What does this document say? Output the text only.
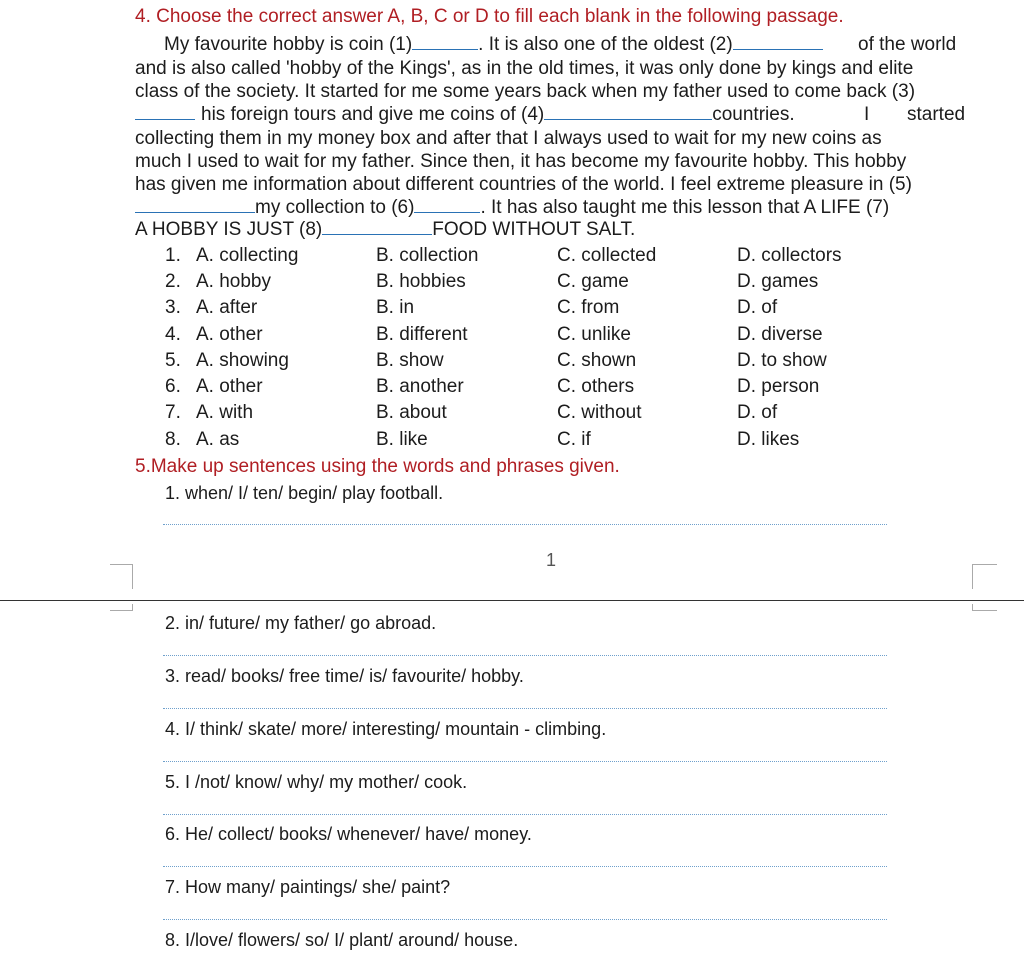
4. Choose the correct answer A, B, C or D to fill each blank in the following passage.
My favourite hobby is coin (1)	. It is also one of the oldest (2)	of the world
and is also called 'hobby of the Kings', as in the old times, it was only done by kings and elite
class of the society. It started for me some years back when my father used to come back (3)
his foreign tours and give me coins of (4)	countries.	I started
collecting them in my money box and after that I always used to wait for my new coins as
much I used to wait for my father. Since then, it has become my favourite hobby. This hobby
has given me information about different countries of the world. I feel extreme pleasure in (5)
my collection to (6)	. It has also taught me this lesson that A LIFE (7)
A HOBBY IS JUST (8)	FOOD WITHOUT SALT.
1. A. collecting	B. collection	C. collected	D. collectors
2. A. hobby	B. hobbies	C. game	D. games
3. A. after	B. in	C. from	D. of
4. A. other	B. different	C. unlike	D. diverse
5. A. showing	B. show	C. shown	D. to show
6. A. other	B. another	C. others	D. person
7. A. with	B. about	C. without	D. of
8. A. as	B. like	C. if	D. likes
5.Make up sentences using the words and phrases given.
1. when/ I/ ten/ begin/ play football.
1
2. in/ future/ my father/ go abroad.
3. read/ books/ free time/ is/ favourite/ hobby.
4. I/ think/ skate/ more/ interesting/ mountain - climbing.
5. I /not/ know/ why/ my mother/ cook.
6. He/ collect/ books/ whenever/ have/ money.
7. How many/ paintings/ she/ paint?
8. I/love/ flowers/ so/ I/ plant/ around/ house.
